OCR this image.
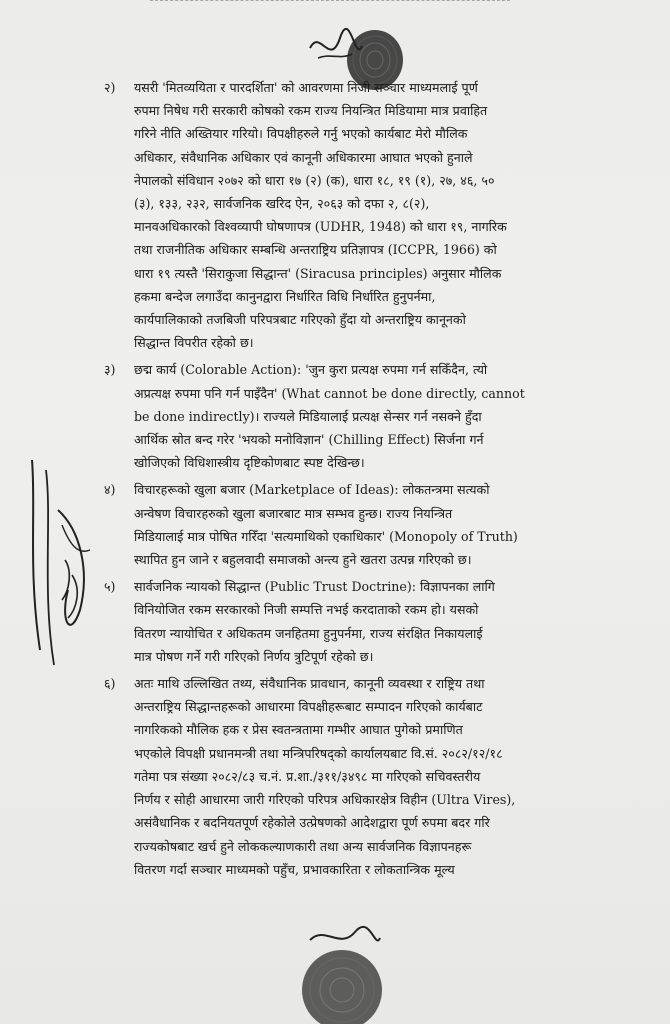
२)	यसरी 'मितव्ययिता र पारदर्शिता' को आवरणमा निजी सञ्चार माध्यमलाई पूर्ण
रुपमा निषेध गरी सरकारी कोषको रकम राज्य नियन्त्रित मिडियामा मात्र प्रवाहित
गरिने नीति अख्तियार गरियो। विपक्षीहरुले गर्नु भएको कार्यबाट मेरो मौलिक
अधिकार, संवैधानिक अधिकार एवं कानूनी अधिकारमा आघात भएको हुनाले
नेपालको संविधान २०७२ को धारा १७ (२) (क), धारा १८, १९ (१), २७, ४६, ५०
(३), १३३, २३२, सार्वजनिक खरिद ऐन, २०६३ को दफा २, ८(२),
मानवअधिकारको विश्वव्यापी घोषणापत्र (UDHR, 1948) को धारा १९, नागरिक
तथा राजनीतिक अधिकार सम्बन्धि अन्तराष्ट्रिय प्रतिज्ञापत्र (ICCPR, 1966) को
धारा १९ त्यस्तै 'सिराकुजा सिद्धान्त' (Siracusa principles) अनुसार मौलिक
हकमा बन्देज लगाउँदा कानुनद्वारा निर्धारित विधि निर्धारित हुनुपर्नमा,
कार्यपालिकाको तजबिजी परिपत्रबाट गरिएको हुँदा यो अन्तराष्ट्रिय कानूनको
सिद्धान्त विपरीत रहेको छ।
३)	छद्म कार्य (Colorable Action): 'जुन कुरा प्रत्यक्ष रुपमा गर्न सकिँदैन, त्यो
अप्रत्यक्ष रुपमा पनि गर्न पाइँदैन' (What cannot be done directly, cannot
be done indirectly)। राज्यले मिडियालाई प्रत्यक्ष सेन्सर गर्न नसक्ने हुँदा
आर्थिक स्रोत बन्द गरेर 'भयको मनोविज्ञान' (Chilling Effect) सिर्जना गर्न
खोजिएको विधिशास्त्रीय दृष्टिकोणबाट स्पष्ट देखिन्छ।
४)	विचारहरूको खुला बजार (Marketplace of Ideas): लोकतन्त्रमा सत्यको
अन्वेषण विचारहरुको खुला बजारबाट मात्र सम्भव हुन्छ। राज्य नियन्त्रित
मिडियालाई मात्र पोषित गरिँदा 'सत्यमाथिको एकाधिकार' (Monopoly of Truth)
स्थापित हुन जाने र बहुलवादी समाजको अन्त्य हुने खतरा उत्पन्न गरिएको छ।
५)	सार्वजनिक न्यायको सिद्धान्त (Public Trust Doctrine): विज्ञापनका लागि
विनियोजित रकम सरकारको निजी सम्पत्ति नभई करदाताको रकम हो। यसको
वितरण न्यायोचित र अधिकतम जनहितमा हुनुपर्नमा, राज्य संरक्षित निकायलाई
मात्र पोषण गर्ने गरी गरिएको निर्णय त्रुटिपूर्ण रहेको छ।
६)	अतः माथि उल्लिखित तथ्य, संवैधानिक प्रावधान, कानूनी व्यवस्था र राष्ट्रिय तथा
अन्तराष्ट्रिय सिद्धान्तहरूको आधारमा विपक्षीहरूबाट सम्पादन गरिएको कार्यबाट
नागरिकको मौलिक हक र प्रेस स्वतन्त्रतामा गम्भीर आघात पुगेको प्रमाणित
भएकोले विपक्षी प्रधानमन्त्री तथा मन्त्रिपरिषद्को कार्यालयबाट वि.सं. २०८२/१२/१८
गतेमा पत्र संख्या २०८२/८३ च.नं. प्र.शा./३११/३४९८ मा गरिएको सचिवस्तरीय
निर्णय र सोही आधारमा जारी गरिएको परिपत्र अधिकारक्षेत्र विहीन (Ultra Vires),
असंवैधानिक र बदनियतपूर्ण रहेकोले उत्प्रेषणको आदेशद्वारा पूर्ण रुपमा बदर गरि
राज्यकोषबाट खर्च हुने लोककल्याणकारी तथा अन्य सार्वजनिक विज्ञापनहरू
वितरण गर्दा सञ्चार माध्यमको पहुँच, प्रभावकारिता र लोकतान्त्रिक मूल्य
